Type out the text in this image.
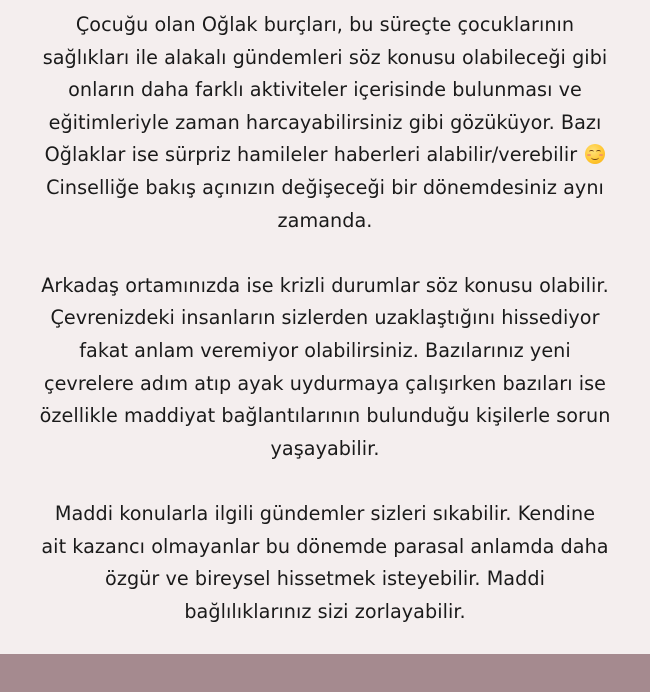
Çocuğu olan Oğlak burçları, bu süreçte çocuklarının
sağlıkları ile alakalı gündemleri söz konusu olabileceği gibi
onların daha farklı aktiviteler içerisinde bulunması ve
eğitimleriyle zaman harcayabilirsiniz gibi gözüküyor. Bazı
Oğlaklar ise sürpriz hamileler haberleri alabilir/verebilir

Cinselliğe bakış açınızın değişeceği bir dönemdesiniz aynı
zamanda.

Arkadaş ortamınızda ise krizli durumlar söz konusu olabilir.
Çevrenizdeki insanların sizlerden uzaklaştığını hissediyor
fakat anlam veremiyor olabilirsiniz. Bazılarınız yeni
çevrelere adım atıp ayak uydurmaya çalışırken bazıları ise
özellikle maddiyat bağlantılarının bulunduğu kişilerle sorun
yaşayabilir.

Maddi konularla ilgili gündemler sizleri sıkabilir. Kendine
ait kazancı olmayanlar bu dönemde parasal anlamda daha
özgür ve bireysel hissetmek isteyebilir. Maddi
bağlılıklarınız sizi zorlayabilir.
